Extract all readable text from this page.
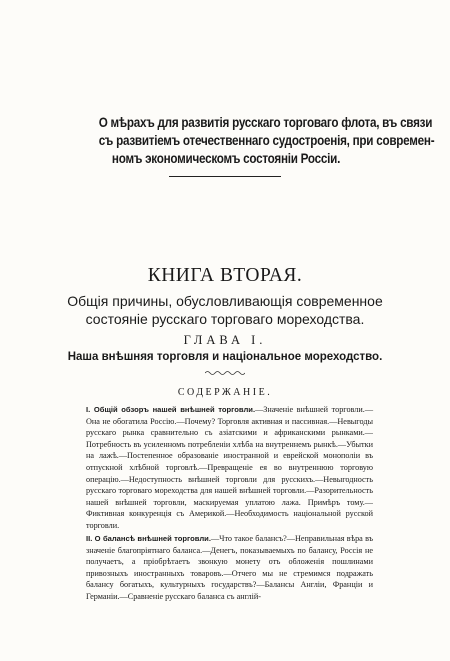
О мѣрахъ для развитія русскаго торговаго флота, въ связи
съ развитіемъ отечественнаго судостроенія, при современ-
номъ экономическомъ состояніи Россіи.
КНИГА ВТОРАЯ.
Общія причины, обусловливающія современное
состояніе русскаго торговаго мореходства.
ГЛАВА I.
Наша внѣшняя торговля и національное мореходство.
СОДЕРЖАНІЕ.

I. Общій обзоръ нашей внѣшней торговли.—Значеніе внѣшней торговли.—Она не обогатила Россію.—Почему? Торговля активная и пассивная.—Невыгоды русскаго рынка сравнительно съ азіатскими и африканскими рынками.—Потребность въ усиленномъ потребленіи хлѣба на внутреннемъ рынкѣ.—Убытки на лажѣ.—Постепенное образованіе иностранной и еврейской монополіи въ отпускной хлѣбной торговлѣ.—Превращеніе ея во внутреннюю торговую операцію.—Недоступность внѣшней торговли для русскихъ.—Невыгодность русскаго торговаго мореходства для нашей внѣшней торговли.—Разорительность нашей внѣшней торговли, маскируемая уплатою лажа. Примѣръ тому.—Фиктивная конкуренція съ Америкой.—Необходимость національной русской торговли.

II. О балансѣ внѣшней торговли.—Что такое балансъ?—Неправильная вѣра въ значеніе благопріятнаго баланса.—Денегъ, показываемыхъ по балансу, Россія не получаетъ, а пріобрѣтаетъ звонкую монету отъ обложенія пошлинами привозныхъ иностранныхъ товаровъ.—Отчего мы не стремимся подражать балансу богатыхъ, культурныхъ государствъ?—Балансы Англіи, Франціи и Германіи.—Сравненіе русскаго баланса съ англій-
